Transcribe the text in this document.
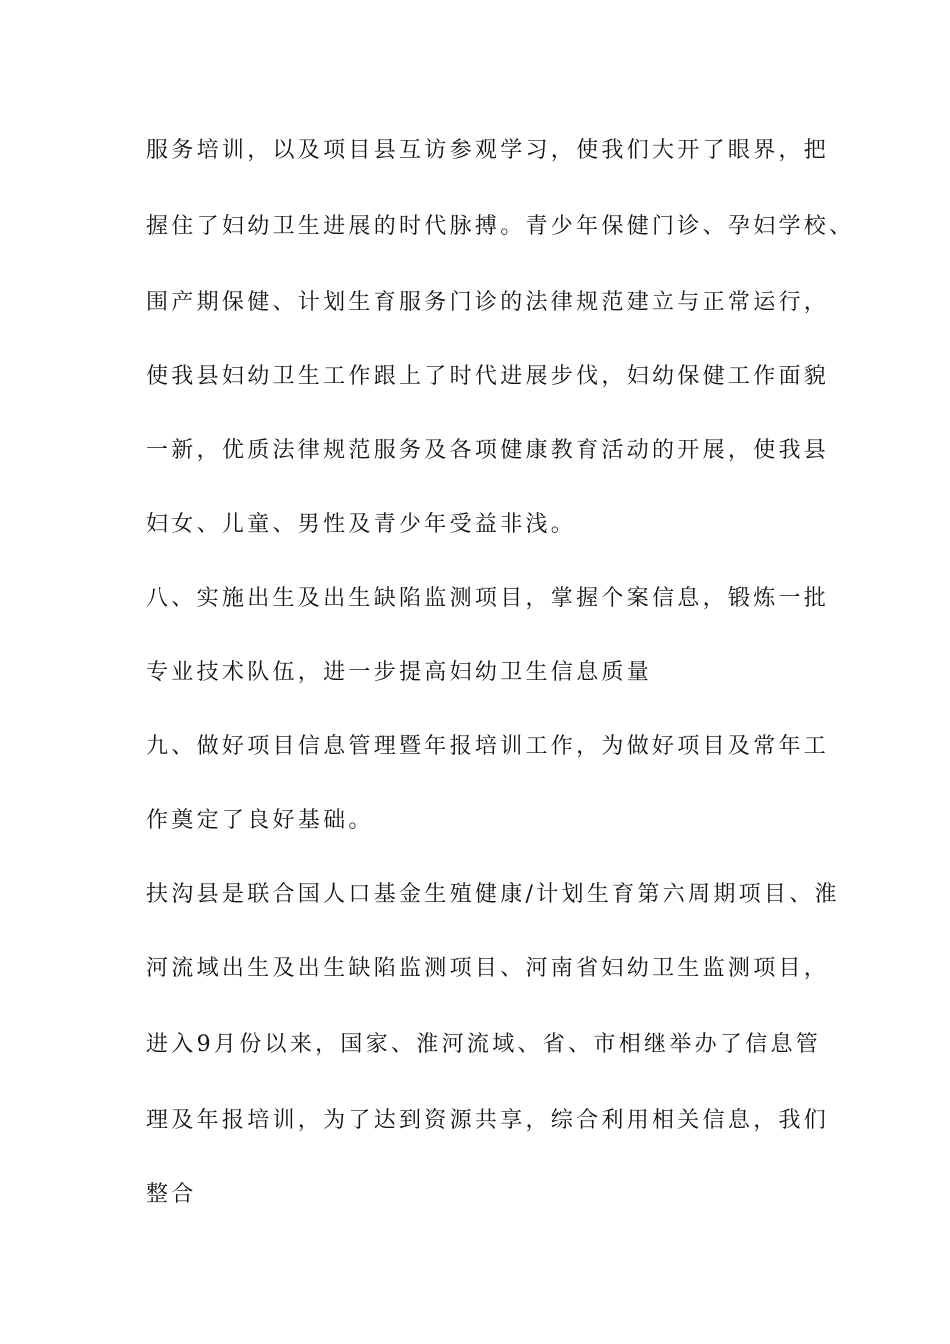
服务培训，以及项目县互访参观学习，使我们大开了眼界，把
握住了妇幼卫生进展的时代脉搏。青少年保健门诊、孕妇学校、
围产期保健、计划生育服务门诊的法律规范建立与正常运行，
使我县妇幼卫生工作跟上了时代进展步伐，妇幼保健工作面貌
一新，优质法律规范服务及各项健康教育活动的开展，使我县
妇女、儿童、男性及青少年受益非浅。
八、实施出生及出生缺陷监测项目，掌握个案信息，锻炼一批
专业技术队伍，进一步提高妇幼卫生信息质量
九、做好项目信息管理暨年报培训工作，为做好项目及常年工
作奠定了良好基础。
扶沟县是联合国人口基金生殖健康/计划生育第六周期项目、淮
河流域出生及出生缺陷监测项目、河南省妇幼卫生监测项目，
进入9月份以来，国家、淮河流域、省、市相继举办了信息管
理及年报培训，为了达到资源共享，综合利用相关信息，我们
整合
